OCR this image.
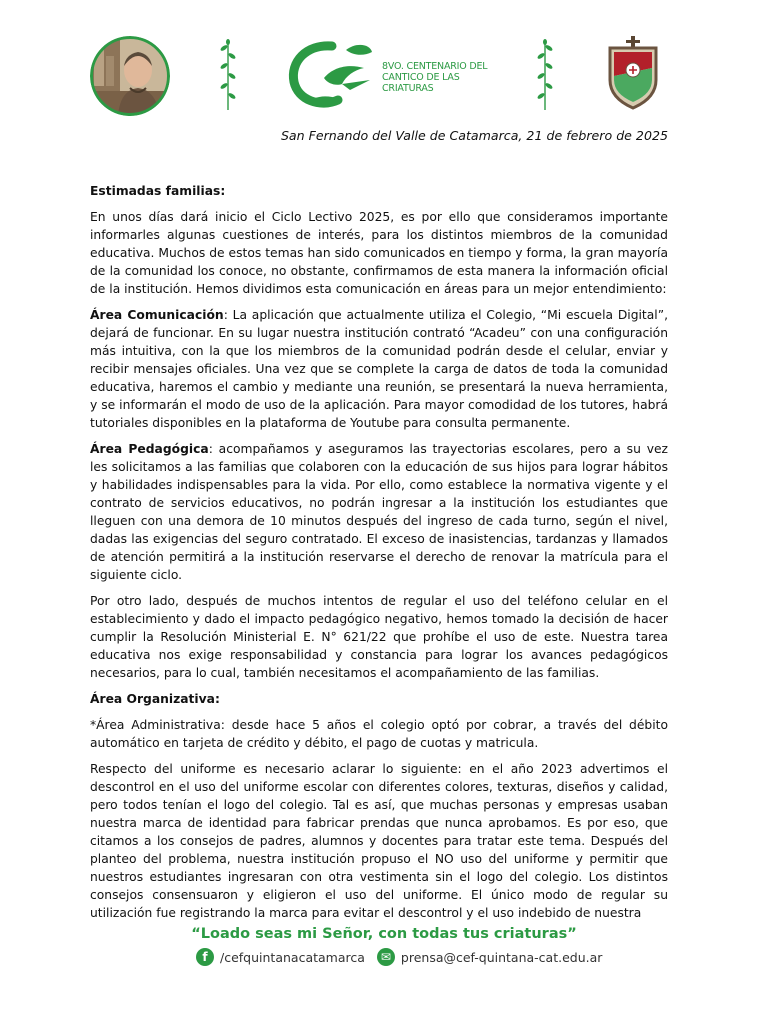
8VO. CENTENARIO DEL
CANTICO DE LAS CRIATURAS
San Fernando del Valle de Catamarca, 21 de febrero de 2025

Estimadas familias:

En unos días dará inicio el Ciclo Lectivo 2025, es por ello que consideramos importante informarles algunas cuestiones de interés, para los distintos miembros de la comunidad educativa. Muchos de estos temas han sido comunicados en tiempo y forma, la gran mayoría de la comunidad los conoce, no obstante, confirmamos de esta manera la información oficial de la institución. Hemos dividimos esta comunicación en áreas para un mejor entendimiento:

Área Comunicación: La aplicación que actualmente utiliza el Colegio, “Mi escuela Digital”, dejará de funcionar. En su lugar nuestra institución contrató “Acadeu” con una configuración más intuitiva, con la que los miembros de la comunidad podrán desde el celular, enviar y recibir mensajes oficiales. Una vez que se complete la carga de datos de toda la comunidad educativa, haremos el cambio y mediante una reunión, se presentará la nueva herramienta, y se informarán el modo de uso de la aplicación. Para mayor comodidad de los tutores, habrá tutoriales disponibles en la plataforma de Youtube para consulta permanente.

Área Pedagógica: acompañamos y aseguramos las trayectorias escolares, pero a su vez les solicitamos a las familias que colaboren con la educación de sus hijos para lograr hábitos y habilidades indispensables para la vida. Por ello, como establece la normativa vigente y el contrato de servicios educativos, no podrán ingresar a la institución los estudiantes que lleguen con una demora de 10 minutos después del ingreso de cada turno, según el nivel, dadas las exigencias del seguro contratado. El exceso de inasistencias, tardanzas y llamados de atención permitirá a la institución reservarse el derecho de renovar la matrícula para el siguiente ciclo.

Por otro lado, después de muchos intentos de regular el uso del teléfono celular en el establecimiento y dado el impacto pedagógico negativo, hemos tomado la decisión de hacer cumplir la Resolución Ministerial E. N° 621/22 que prohíbe el uso de este. Nuestra tarea educativa nos exige responsabilidad y constancia para lograr los avances pedagógicos necesarios, para lo cual, también necesitamos el acompañamiento de las familias.

Área Organizativa:

*Área Administrativa: desde hace 5 años el colegio optó por cobrar, a través del débito automático en tarjeta de crédito y débito, el pago de cuotas y matricula.

Respecto del uniforme es necesario aclarar lo siguiente: en el año 2023 advertimos el descontrol en el uso del uniforme escolar con diferentes colores, texturas, diseños y calidad, pero todos tenían el logo del colegio. Tal es así, que muchas personas y empresas usaban nuestra marca de identidad para fabricar prendas que nunca aprobamos. Es por eso, que citamos a los consejos de padres, alumnos y docentes para tratar este tema. Después del planteo del problema, nuestra institución propuso el NO uso del uniforme y permitir que nuestros estudiantes ingresaran con otra vestimenta sin el logo del colegio. Los distintos consejos consensuaron y eligieron el uso del uniforme. El único modo de regular su utilización fue registrando la marca para evitar el descontrol y el uso indebido de nuestra

“Loado seas mi Señor, con todas tus criaturas”
f /cefquintanacatamarca	✉ prensa@cef-quintana-cat.edu.ar
